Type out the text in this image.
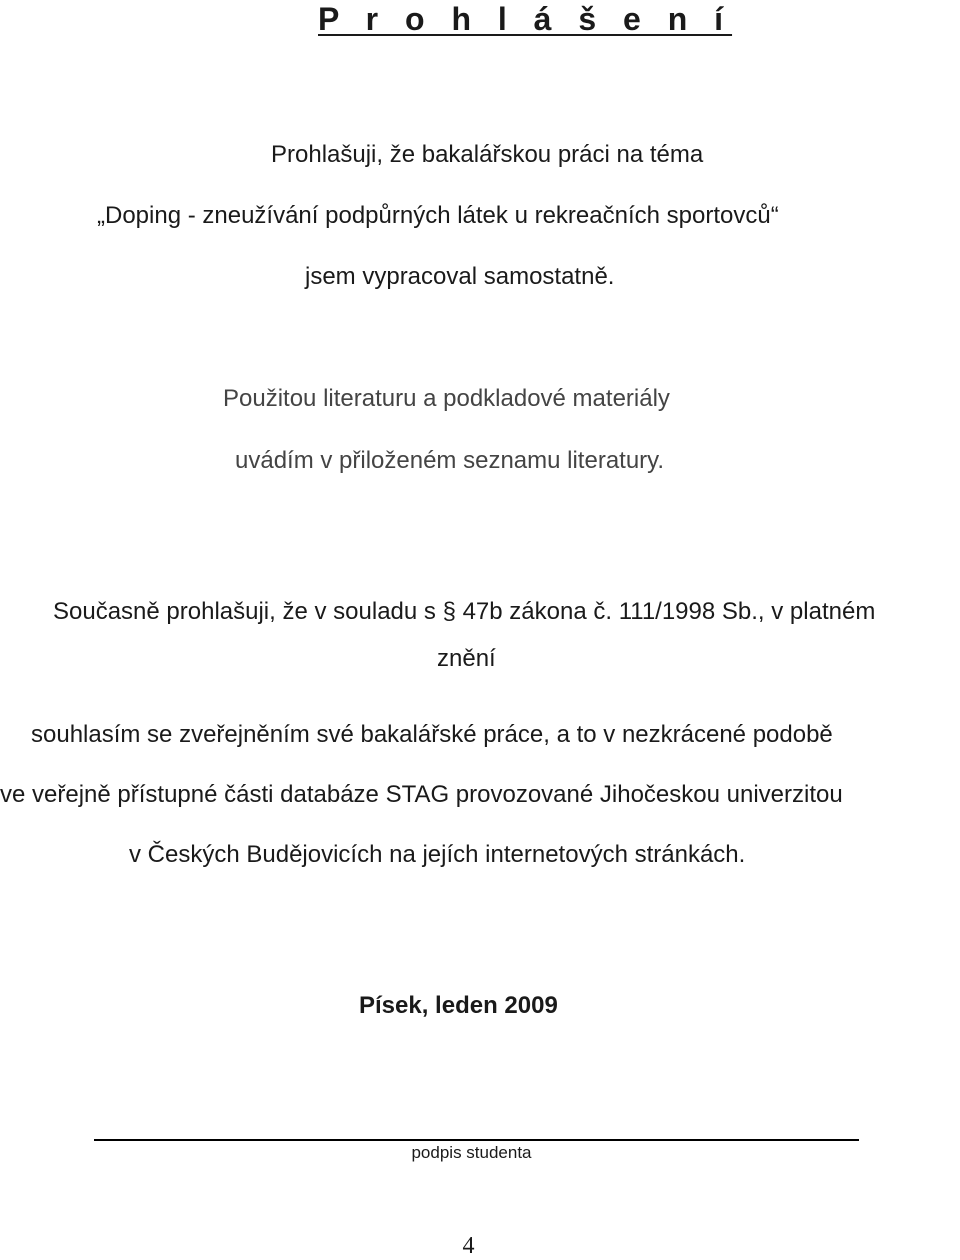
P r o h l á š e n í
Prohlašuji, že bakalářskou práci na téma
„Doping - zneužívání podpůrných látek u rekreačních sportovců“
jsem vypracoval samostatně.
Použitou literaturu a podkladové materiály
uvádím v přiloženém seznamu literatury.
Současně prohlašuji, že v souladu s § 47b zákona č. 111/1998 Sb., v platném
znění
souhlasím se zveřejněním své bakalářské práce, a to v nezkrácené podobě
ve veřejně přístupné části databáze STAG provozované Jihočeskou univerzitou
v Českých Budějovicích na jejích internetových stránkách.
Písek, leden 2009
podpis studenta
4
